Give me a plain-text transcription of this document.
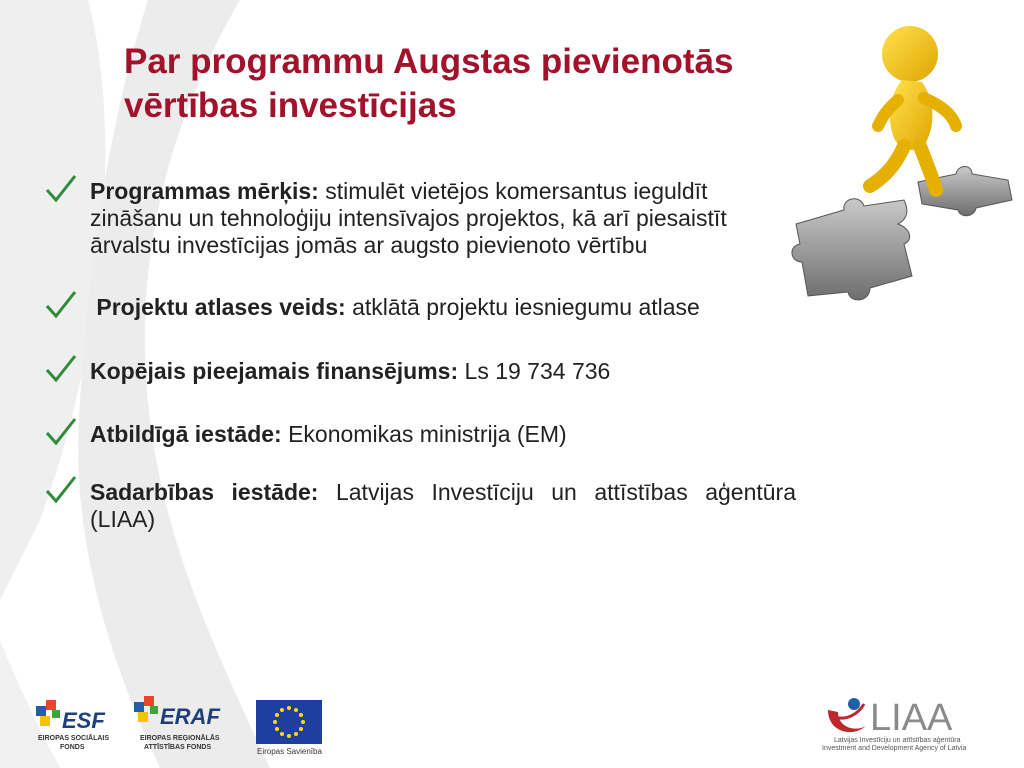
Par programmu Augstas pievienotās
vērtības investīcijas
Programmas mērķis: stimulēt vietējos komersantus ieguldīt zināšanu un tehnoloģiju intensīvajos projektos, kā arī piesaistīt ārvalstu investīcijas jomās ar augsto pievienoto vērtību
Projektu atlases veids: atklātā projektu iesniegumu atlase
Kopējais pieejamais finansējums: Ls 19 734 736
Atbildīgā iestāde: Ekonomikas ministrija (EM)
Sadarbības iestāde: Latvijas Investīciju un attīstības aģentūra (LIAA)
ESF
EIROPAS SOCIĀLAIS
FONDS
ERAF
EIROPAS REĢIONĀLĀS
ATTĪSTĪBAS FONDS	Eiropas Savienība
LIAA
Latvijas Investīciju un attīstības aģentūra
Investment and Development Agency of Latvia
